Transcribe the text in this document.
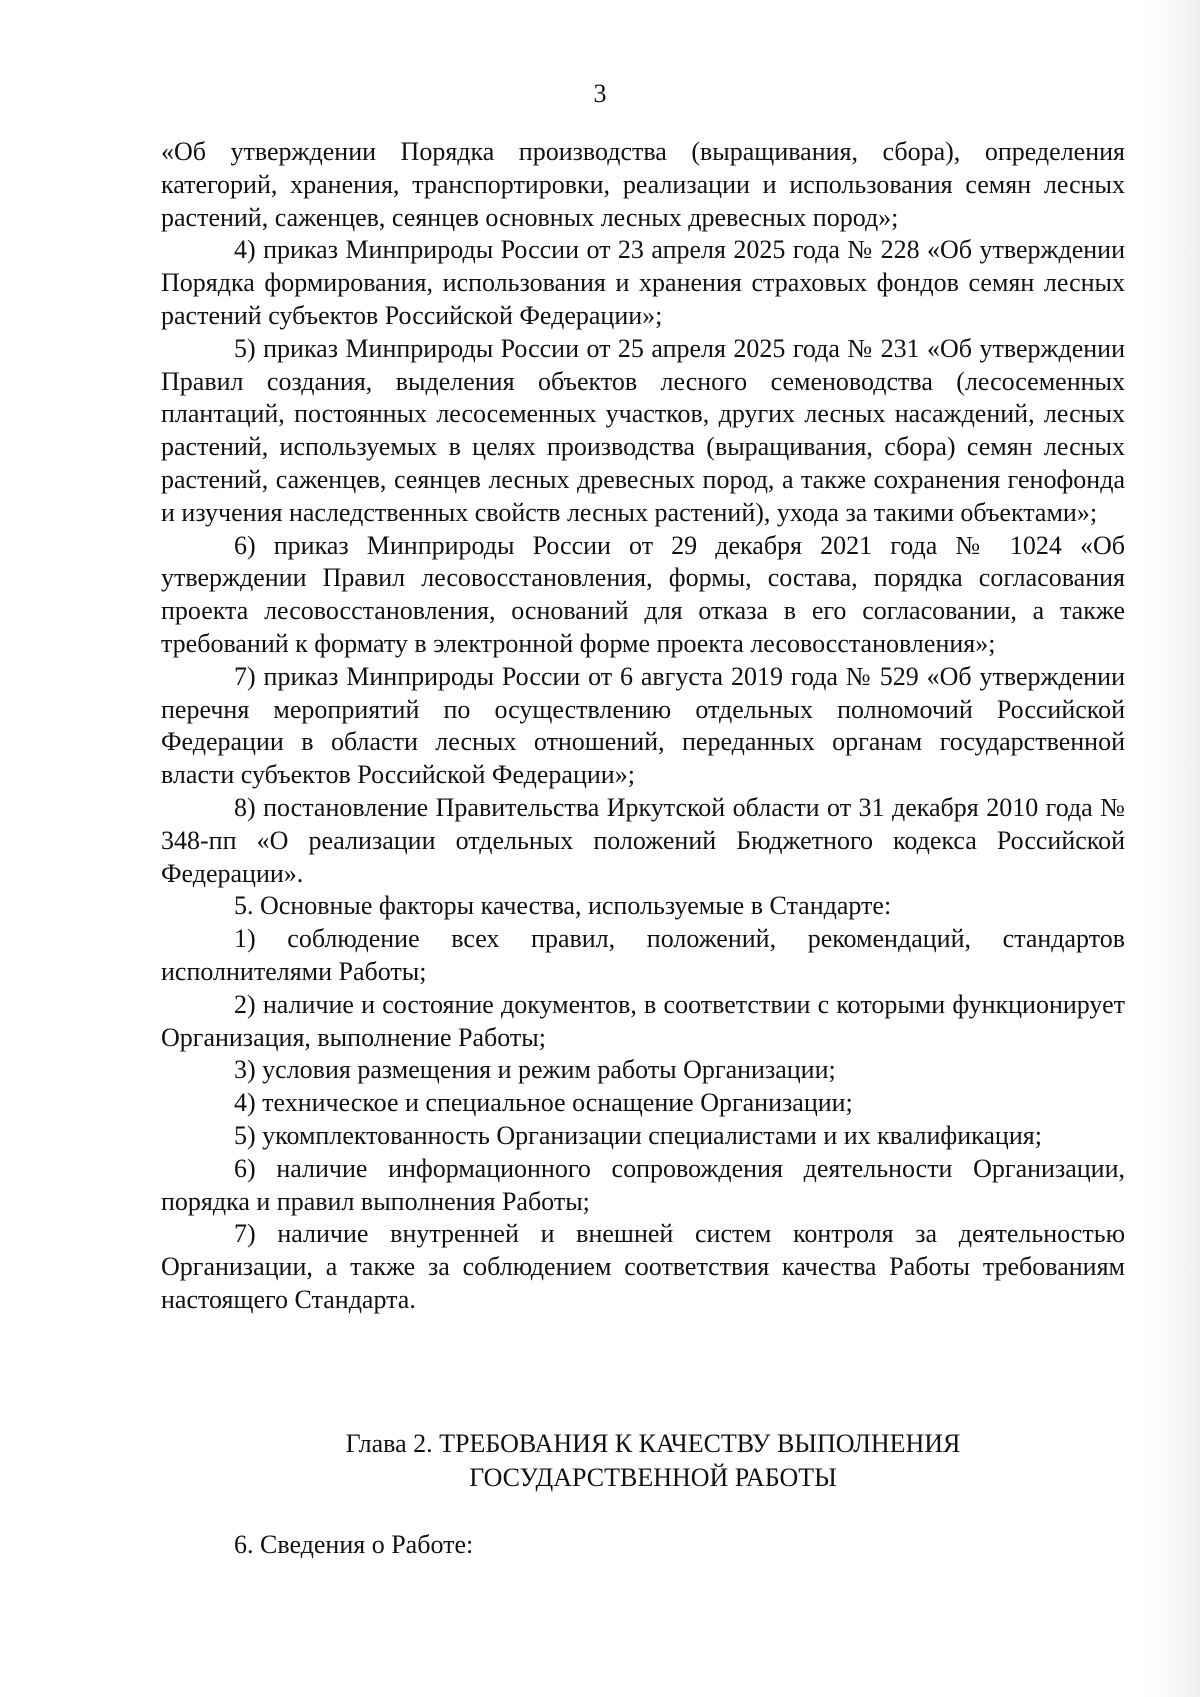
3

«Об утверждении Порядка производства (выращивания, сбора), определения категорий, хранения, транспортировки, реализации и использования семян лесных растений, саженцев, сеянцев основных лесных древесных пород»;

4) приказ Минприроды России от 23 апреля 2025 года № 228 «Об утверждении Порядка формирования, использования и хранения страховых фондов семян лесных растений субъектов Российской Федерации»;

5) приказ Минприроды России от 25 апреля 2025 года № 231 «Об утверждении Правил создания, выделения объектов лесного семеноводства (лесосеменных плантаций, постоянных лесосеменных участков, других лесных насаждений, лесных растений, используемых в целях производства (выращивания, сбора) семян лесных растений, саженцев, сеянцев лесных древесных пород, а также сохранения генофонда и изучения наследственных свойств лесных растений), ухода за такими объектами»;

6) приказ Минприроды России от 29 декабря 2021 года № 1024 «Об утверждении Правил лесовосстановления, формы, состава, порядка согласования проекта лесовосстановления, оснований для отказа в его согласовании, а также требований к формату в электронной форме проекта лесовосстановления»;

7) приказ Минприроды России от 6 августа 2019 года № 529 «Об утверждении перечня мероприятий по осуществлению отдельных полномочий Российской Федерации в области лесных отношений, переданных органам государственной власти субъектов Российской Федерации»;

8) постановление Правительства Иркутской области от 31 декабря 2010 года № 348-пп «О реализации отдельных положений Бюджетного кодекса Российской Федерации».

5. Основные факторы качества, используемые в Стандарте:

1) соблюдение всех правил, положений, рекомендаций, стандартов исполнителями Работы;

2) наличие и состояние документов, в соответствии с которыми функционирует Организация, выполнение Работы;

3) условия размещения и режим работы Организации;

4) техническое и специальное оснащение Организации;

5) укомплектованность Организации специалистами и их квалификация;

6) наличие информационного сопровождения деятельности Организации, порядка и правил выполнения Работы;

7) наличие внутренней и внешней систем контроля за деятельностью Организации, а также за соблюдением соответствия качества Работы требованиям настоящего Стандарта.

Глава 2. ТРЕБОВАНИЯ К КАЧЕСТВУ ВЫПОЛНЕНИЯ
ГОСУДАРСТВЕННОЙ РАБОТЫ
6. Сведения о Работе:
